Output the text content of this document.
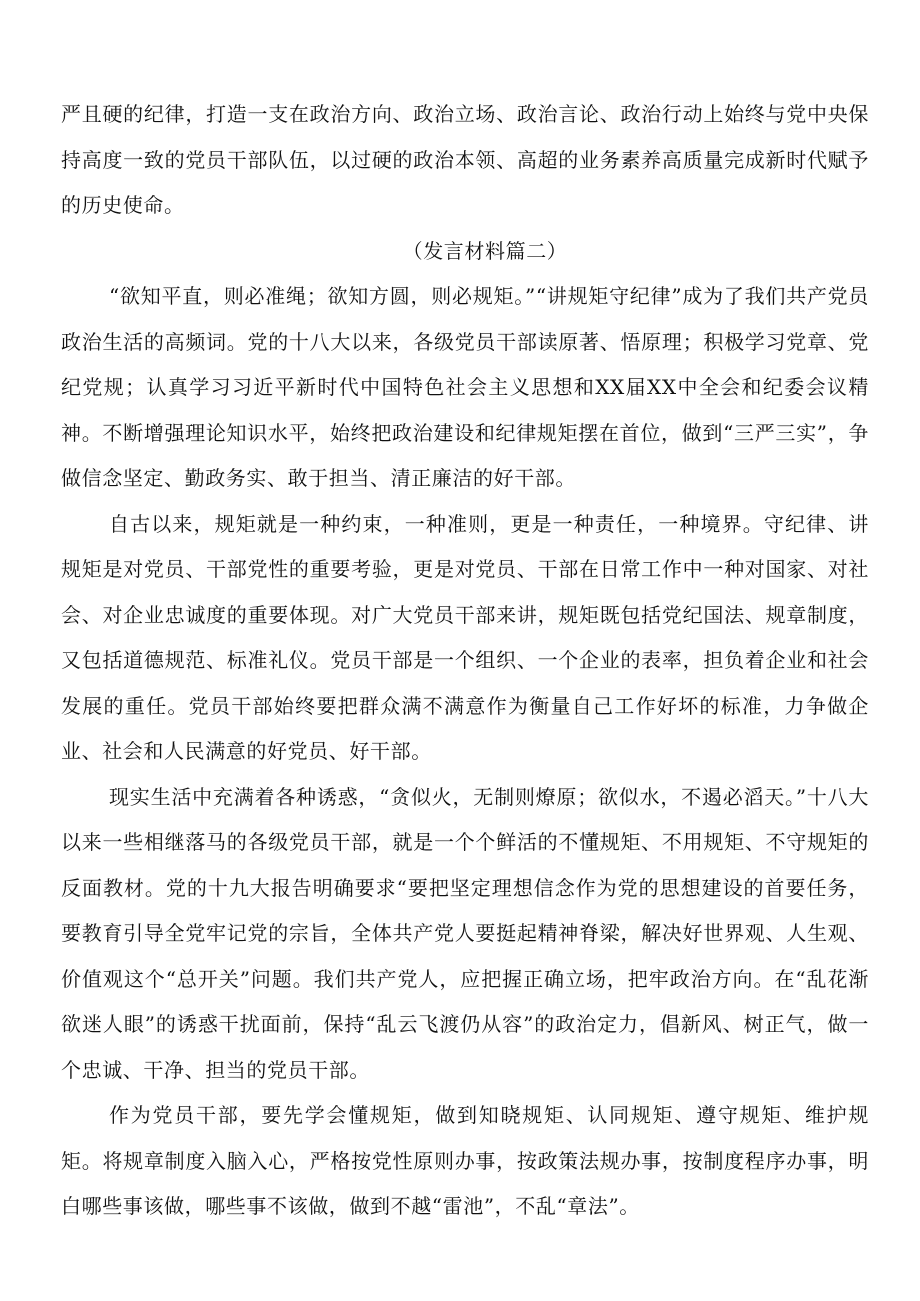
严且硬的纪律，打造一支在政治方向、政治立场、政治言论、政治行动上始终与党中央保持高度一致的党员干部队伍，以过硬的政治本领、高超的业务素养高质量完成新时代赋予的历史使命。

（发言材料篇二）

“欲知平直，则必准绳；欲知方圆，则必规矩。”“讲规矩守纪律”成为了我们共产党员政治生活的高频词。党的十八大以来，各级党员干部读原著、悟原理；积极学习党章、党纪党规；认真学习习近平新时代中国特色社会主义思想和XX届XX中全会和纪委会议精神。不断增强理论知识水平，始终把政治建设和纪律规矩摆在首位，做到“三严三实”，争做信念坚定、勤政务实、敢于担当、清正廉洁的好干部。

自古以来，规矩就是一种约束，一种准则，更是一种责任，一种境界。守纪律、讲规矩是对党员、干部党性的重要考验，更是对党员、干部在日常工作中一种对国家、对社会、对企业忠诚度的重要体现。对广大党员干部来讲，规矩既包括党纪国法、规章制度，又包括道德规范、标准礼仪。党员干部是一个组织、一个企业的表率，担负着企业和社会发展的重任。党员干部始终要把群众满不满意作为衡量自己工作好坏的标准，力争做企业、社会和人民满意的好党员、好干部。

现实生活中充满着各种诱惑，“贪似火，无制则燎原；欲似水，不遏必滔天。”十八大以来一些相继落马的各级党员干部，就是一个个鲜活的不懂规矩、不用规矩、不守规矩的反面教材。党的十九大报告明确要求“要把坚定理想信念作为党的思想建设的首要任务，要教育引导全党牢记党的宗旨，全体共产党人要挺起精神脊梁，解决好世界观、人生观、价值观这个“总开关”问题。我们共产党人，应把握正确立场，把牢政治方向。在“乱花渐欲迷人眼”的诱惑干扰面前，保持“乱云飞渡仍从容”的政治定力，倡新风、树正气，做一个忠诚、干净、担当的党员干部。

作为党员干部，要先学会懂规矩，做到知晓规矩、认同规矩、遵守规矩、维护规矩。将规章制度入脑入心，严格按党性原则办事，按政策法规办事，按制度程序办事，明白哪些事该做，哪些事不该做，做到不越“雷池”，不乱“章法”。
